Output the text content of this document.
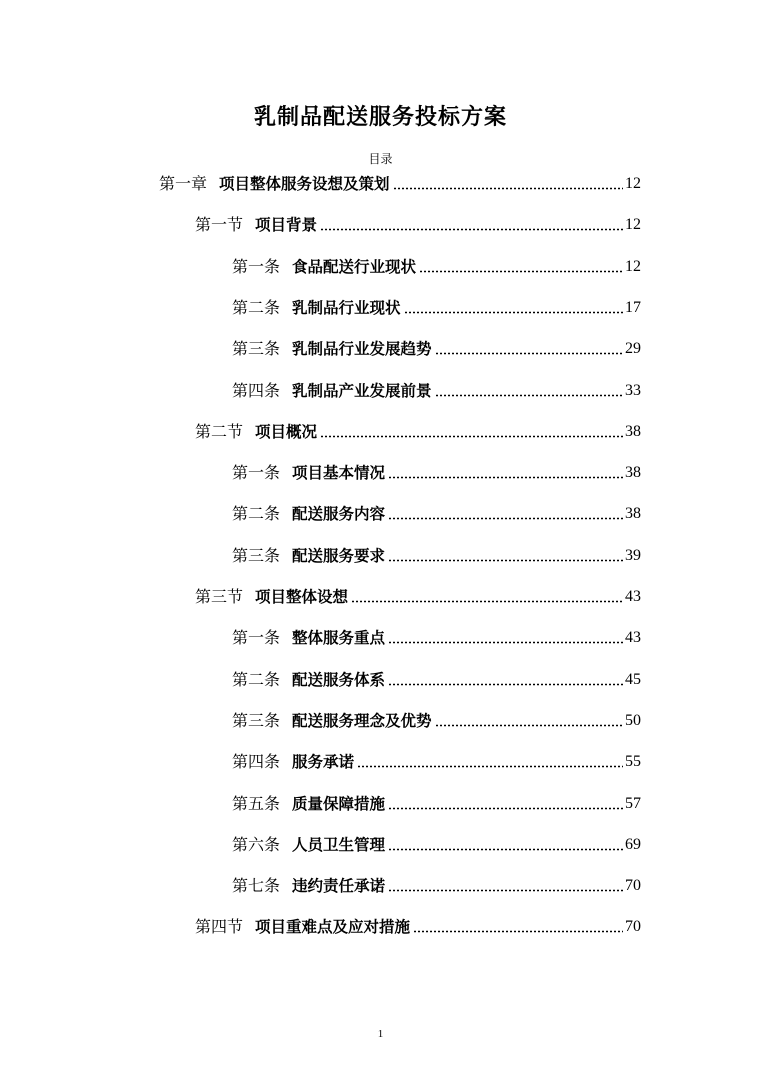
乳制品配送服务投标方案
目录
第一章 项目整体服务设想及策划	12
第一节 项目背景	12
第一条 食品配送行业现状	12
第二条 乳制品行业现状	17
第三条 乳制品行业发展趋势	29
第四条 乳制品产业发展前景	33
第二节 项目概况	38
第一条 项目基本情况	38
第二条 配送服务内容	38
第三条 配送服务要求	39
第三节 项目整体设想	43
第一条 整体服务重点	43
第二条 配送服务体系	45
第三条 配送服务理念及优势	50
第四条 服务承诺	55
第五条 质量保障措施	57
第六条 人员卫生管理	69
第七条 违约责任承诺	70
第四节 项目重难点及应对措施	70
1
